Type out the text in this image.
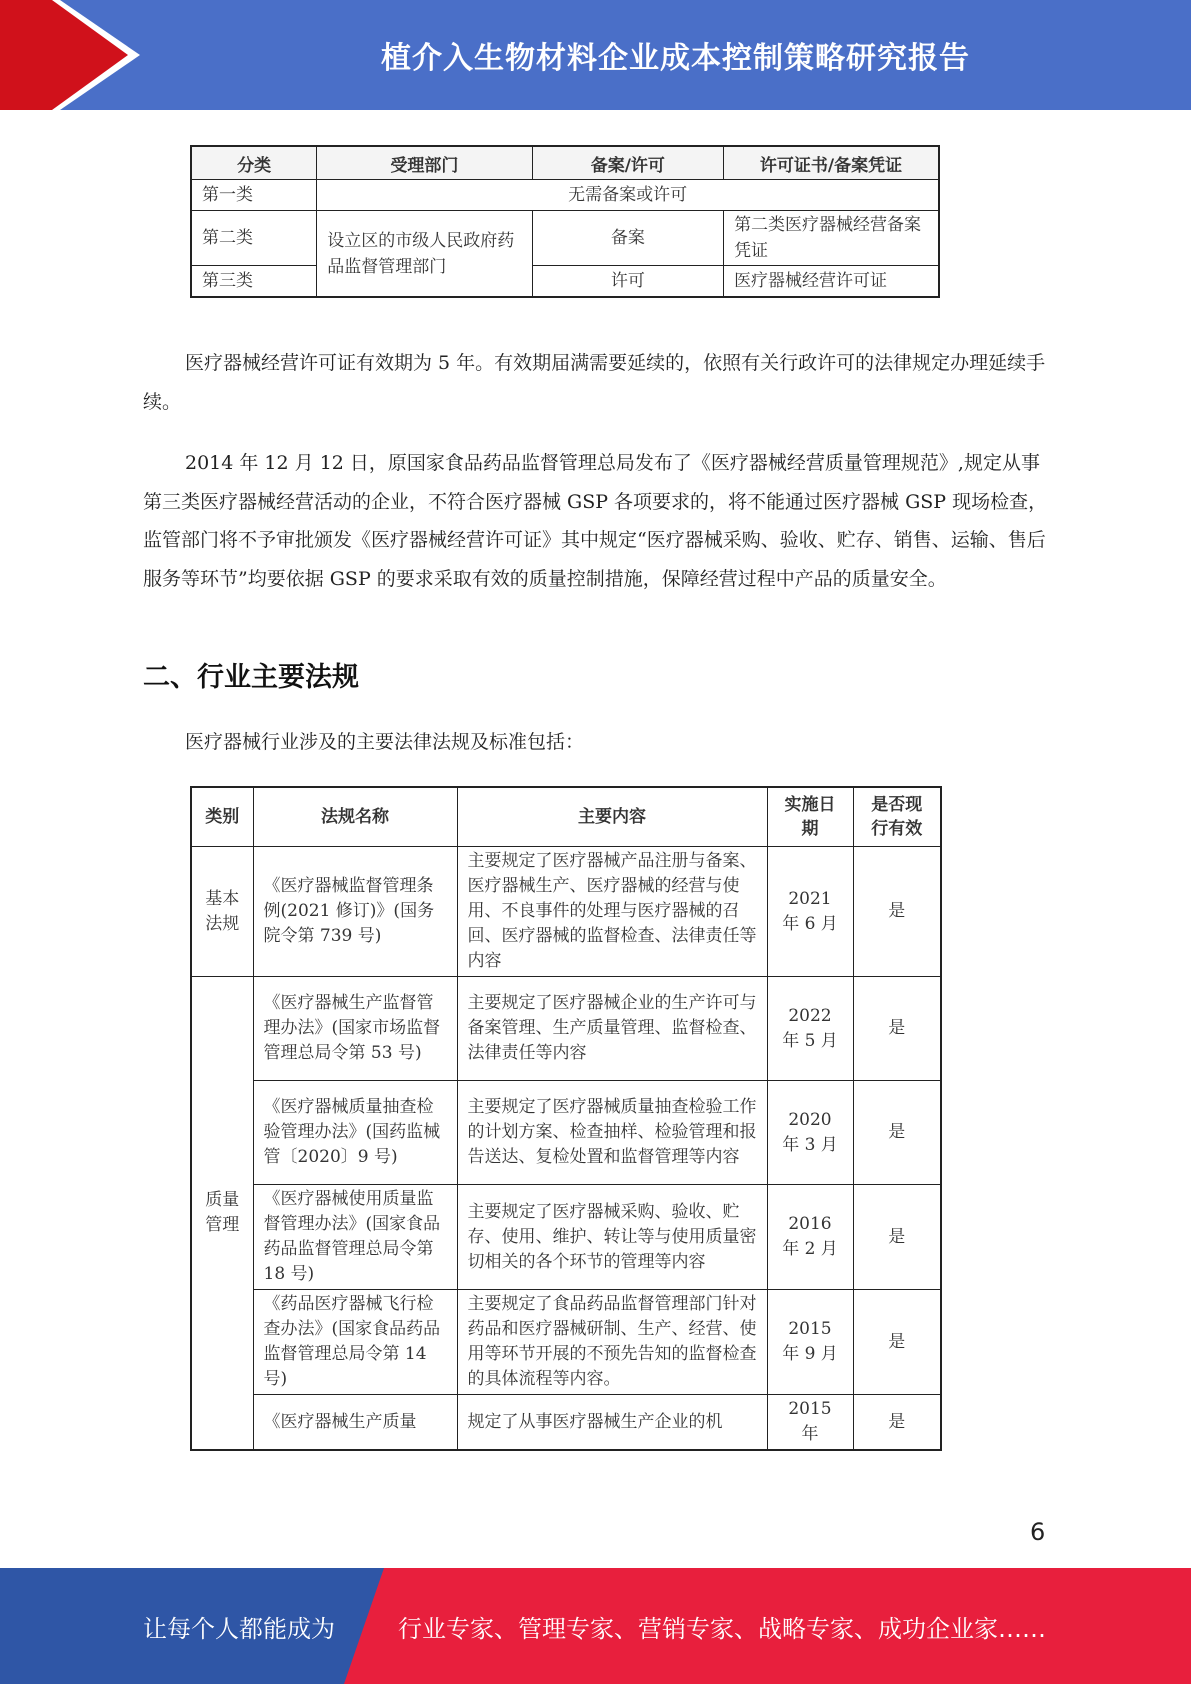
植介入生物材料企业成本控制策略研究报告
分类	受理部门	备案/许可	许可证书/备案凭证
第一类	无需备案或许可		
第二类	设立区的市级人民政府药品监督管理部门	备案	第二类医疗器械经营备案凭证
第三类		许可	医疗器械经营许可证

医疗器械经营许可证有效期为 5 年。有效期届满需要延续的，依照有关行政许可的法律规定办理延续手续。

2014 年 12 月 12 日，原国家食品药品监督管理总局发布了《医疗器械经营质量管理规范》,规定从事第三类医疗器械经营活动的企业，不符合医疗器械 GSP 各项要求的，将不能通过医疗器械 GSP 现场检查，监管部门将不予审批颁发《医疗器械经营许可证》其中规定“医疗器械采购、验收、贮存、销售、运输、售后服务等环节”均要依据 GSP 的要求采取有效的质量控制措施，保障经营过程中产品的质量安全。

二、行业主要法规

医疗器械行业涉及的主要法律法规及标准包括：

类别	法规名称	主要内容	实施日期	是否现行有效
基本法规	《医疗器械监督管理条例(2021 修订)》(国务院令第 739 号)	主要规定了医疗器械产品注册与备案、医疗器械生产、医疗器械的经营与使用、不良事件的处理与医疗器械的召回、医疗器械的监督检查、法律责任等内容	2021 年 6 月	是
质量管理	《医疗器械生产监督管理办法》(国家市场监督管理总局令第 53 号)	主要规定了医疗器械企业的生产许可与备案管理、生产质量管理、监督检查、法律责任等内容	2022 年 5 月	是
	《医疗器械质量抽查检验管理办法》(国药监械管〔2020〕9 号)	主要规定了医疗器械质量抽查检验工作的计划方案、检查抽样、检验管理和报告送达、复检处置和监督管理等内容	2020 年 3 月	是
	《医疗器械使用质量监督管理办法》(国家食品药品监督管理总局令第 18 号)	主要规定了医疗器械采购、验收、贮存、使用、维护、转让等与使用质量密切相关的各个环节的管理等内容	2016 年 2 月	是
	《药品医疗器械飞行检查办法》(国家食品药品监督管理总局令第 14 号)	主要规定了食品药品监督管理部门针对药品和医疗器械研制、生产、经营、使用等环节开展的不预先告知的监督检查的具体流程等内容。	2015 年 9 月	是
	《医疗器械生产质量	规定了从事医疗器械生产企业的机	2015 年	是
6
让每个人都能成为	行业专家、管理专家、营销专家、战略专家、成功企业家……
